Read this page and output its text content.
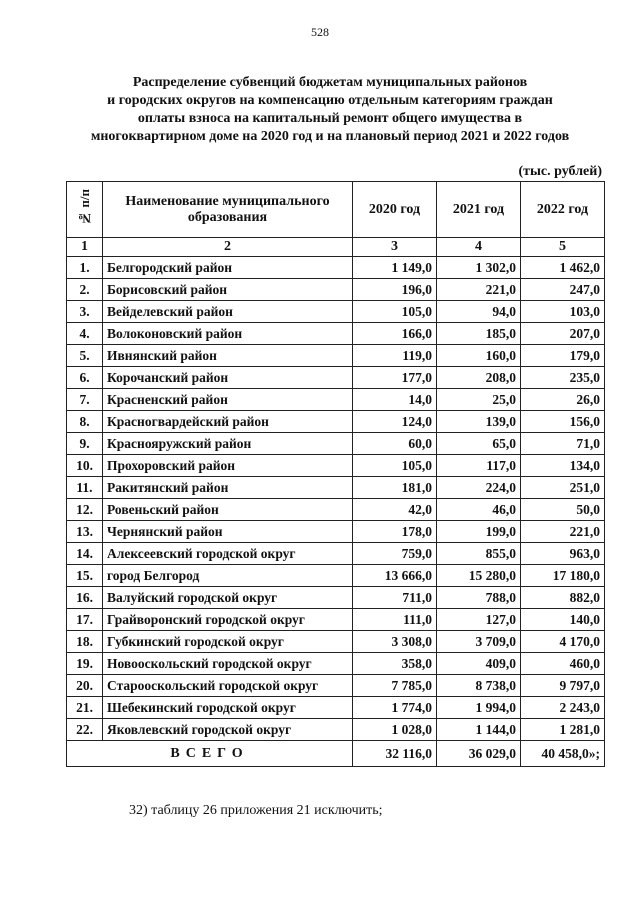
528
Распределение субвенций бюджетам муниципальных районов
и городских округов на компенсацию отдельным категориям граждан
оплаты взноса на капитальный ремонт общего имущества в
многоквартирном доме на 2020 год и на плановый период 2021 и 2022 годов
(тыс. рублей)
№ п/п	Наименование муниципального образования	2020 год	2021 год	2022 год
1	2	3	4	5
1.	Белгородский район	1 149,0	1 302,0	1 462,0
2.	Борисовский район	196,0	221,0	247,0
3.	Вейделевский район	105,0	94,0	103,0
4.	Волоконовский район	166,0	185,0	207,0
5.	Ивнянский район	119,0	160,0	179,0
6.	Корочанский район	177,0	208,0	235,0
7.	Красненский район	14,0	25,0	26,0
8.	Красногвардейский район	124,0	139,0	156,0
9.	Краснояружский район	60,0	65,0	71,0
10.	Прохоровский район	105,0	117,0	134,0
11.	Ракитянский район	181,0	224,0	251,0
12.	Ровеньский район	42,0	46,0	50,0
13.	Чернянский район	178,0	199,0	221,0
14.	Алексеевский городской округ	759,0	855,0	963,0
15.	город Белгород	13 666,0	15 280,0	17 180,0
16.	Валуйский городской округ	711,0	788,0	882,0
17.	Грайворонский городской округ	111,0	127,0	140,0
18.	Губкинский городской округ	3 308,0	3 709,0	4 170,0
19.	Новооскольский городской округ	358,0	409,0	460,0
20.	Старооскольский городской округ	7 785,0	8 738,0	9 797,0
21.	Шебекинский городской округ	1 774,0	1 994,0	2 243,0
22.	Яковлевский городской округ	1 028,0	1 144,0	1 281,0
ВСЕГО		32 116,0	36 029,0	40 458,0»;
32) таблицу 26 приложения 21 исключить;
